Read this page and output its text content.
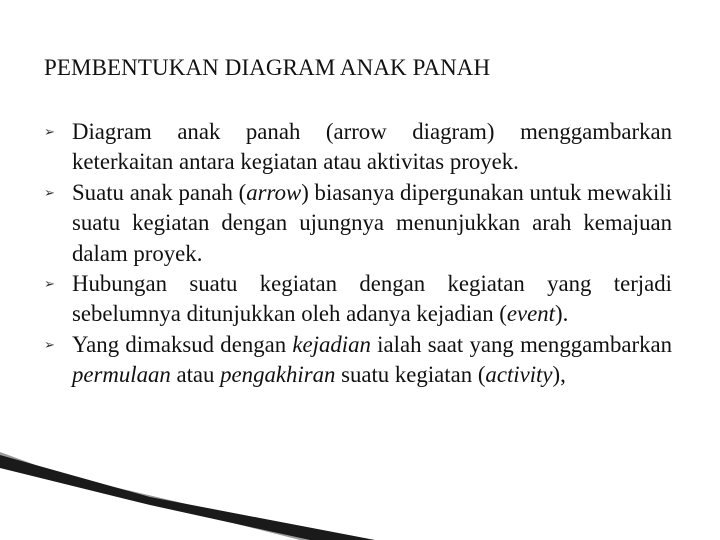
PEMBENTUKAN DIAGRAM ANAK PANAH
➢ Diagram anak panah (arrow diagram) menggambarkan keterkaitan antara kegiatan atau aktivitas proyek.
➢ Suatu anak panah (arrow) biasanya dipergunakan untuk mewakili suatu kegiatan dengan ujungnya menunjukkan arah kemajuan dalam proyek.
➢ Hubungan suatu kegiatan dengan kegiatan yang terjadi sebelumnya ditunjukkan oleh adanya kejadian (event).
➢ Yang dimaksud dengan kejadian ialah saat yang menggambarkan permulaan atau pengakhiran suatu kegiatan (activity),
